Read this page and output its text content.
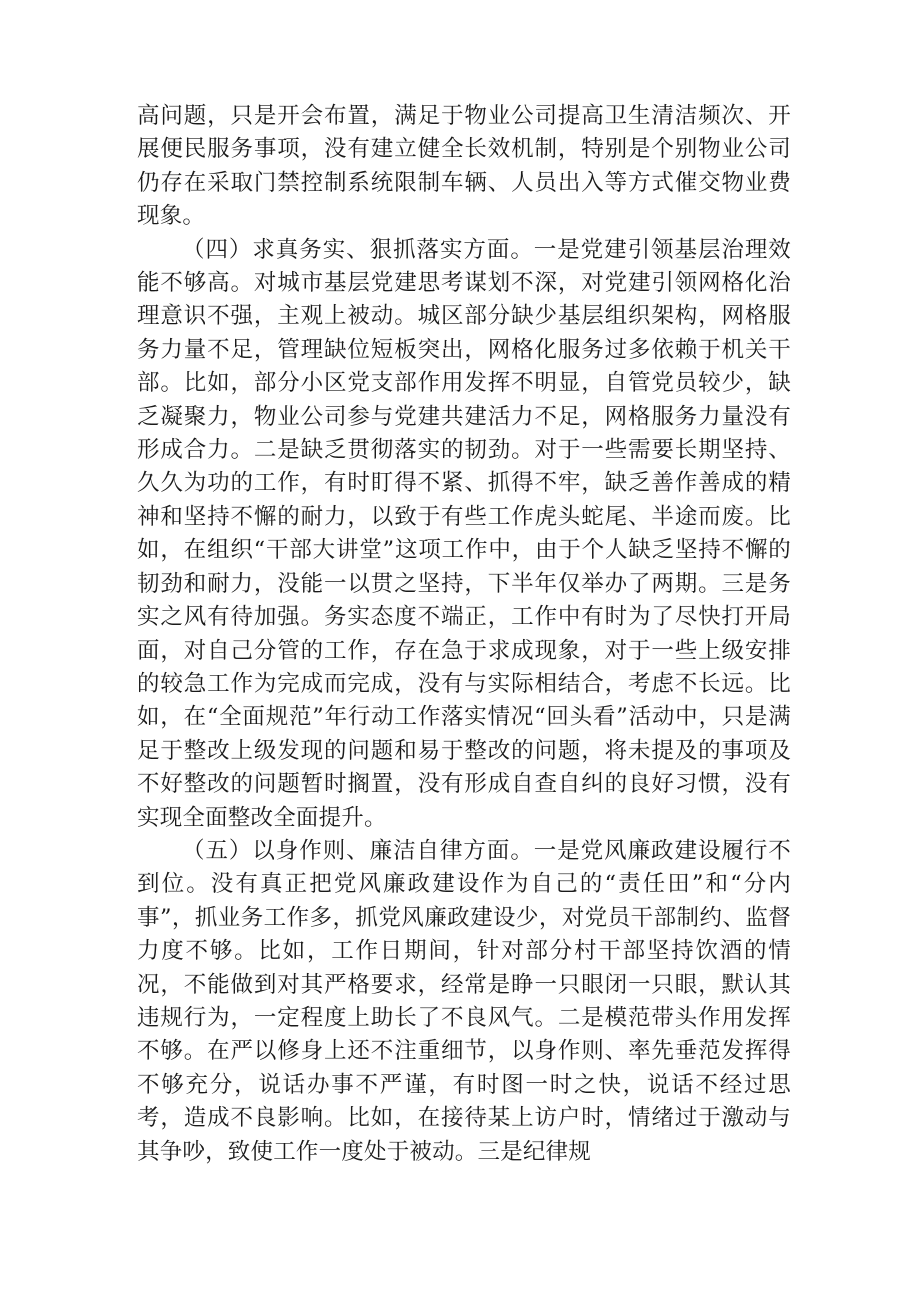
高问题，只是开会布置，满足于物业公司提高卫生清洁频次、开展便民服务事项，没有建立健全长效机制，特别是个别物业公司仍存在采取门禁控制系统限制车辆、人员出入等方式催交物业费现象。

（四）求真务实、狠抓落实方面。一是党建引领基层治理效能不够高。对城市基层党建思考谋划不深，对党建引领网格化治理意识不强，主观上被动。城区部分缺少基层组织架构，网格服务力量不足，管理缺位短板突出，网格化服务过多依赖于机关干部。比如，部分小区党支部作用发挥不明显，自管党员较少，缺乏凝聚力，物业公司参与党建共建活力不足，网格服务力量没有形成合力。二是缺乏贯彻落实的韧劲。对于一些需要长期坚持、久久为功的工作，有时盯得不紧、抓得不牢，缺乏善作善成的精神和坚持不懈的耐力，以致于有些工作虎头蛇尾、半途而废。比如，在组织“干部大讲堂”这项工作中，由于个人缺乏坚持不懈的韧劲和耐力，没能一以贯之坚持，下半年仅举办了两期。三是务实之风有待加强。务实态度不端正，工作中有时为了尽快打开局面，对自己分管的工作，存在急于求成现象，对于一些上级安排的较急工作为完成而完成，没有与实际相结合，考虑不长远。比如，在“全面规范”年行动工作落实情况“回头看”活动中，只是满足于整改上级发现的问题和易于整改的问题，将未提及的事项及不好整改的问题暂时搁置，没有形成自查自纠的良好习惯，没有实现全面整改全面提升。

（五）以身作则、廉洁自律方面。一是党风廉政建设履行不到位。没有真正把党风廉政建设作为自己的“责任田”和“分内事”，抓业务工作多，抓党风廉政建设少，对党员干部制约、监督力度不够。比如，工作日期间，针对部分村干部坚持饮酒的情况，不能做到对其严格要求，经常是睁一只眼闭一只眼，默认其违规行为，一定程度上助长了不良风气。二是模范带头作用发挥不够。在严以修身上还不注重细节，以身作则、率先垂范发挥得不够充分，说话办事不严谨，有时图一时之快，说话不经过思考，造成不良影响。比如，在接待某上访户时，情绪过于激动与其争吵，致使工作一度处于被动。三是纪律规
